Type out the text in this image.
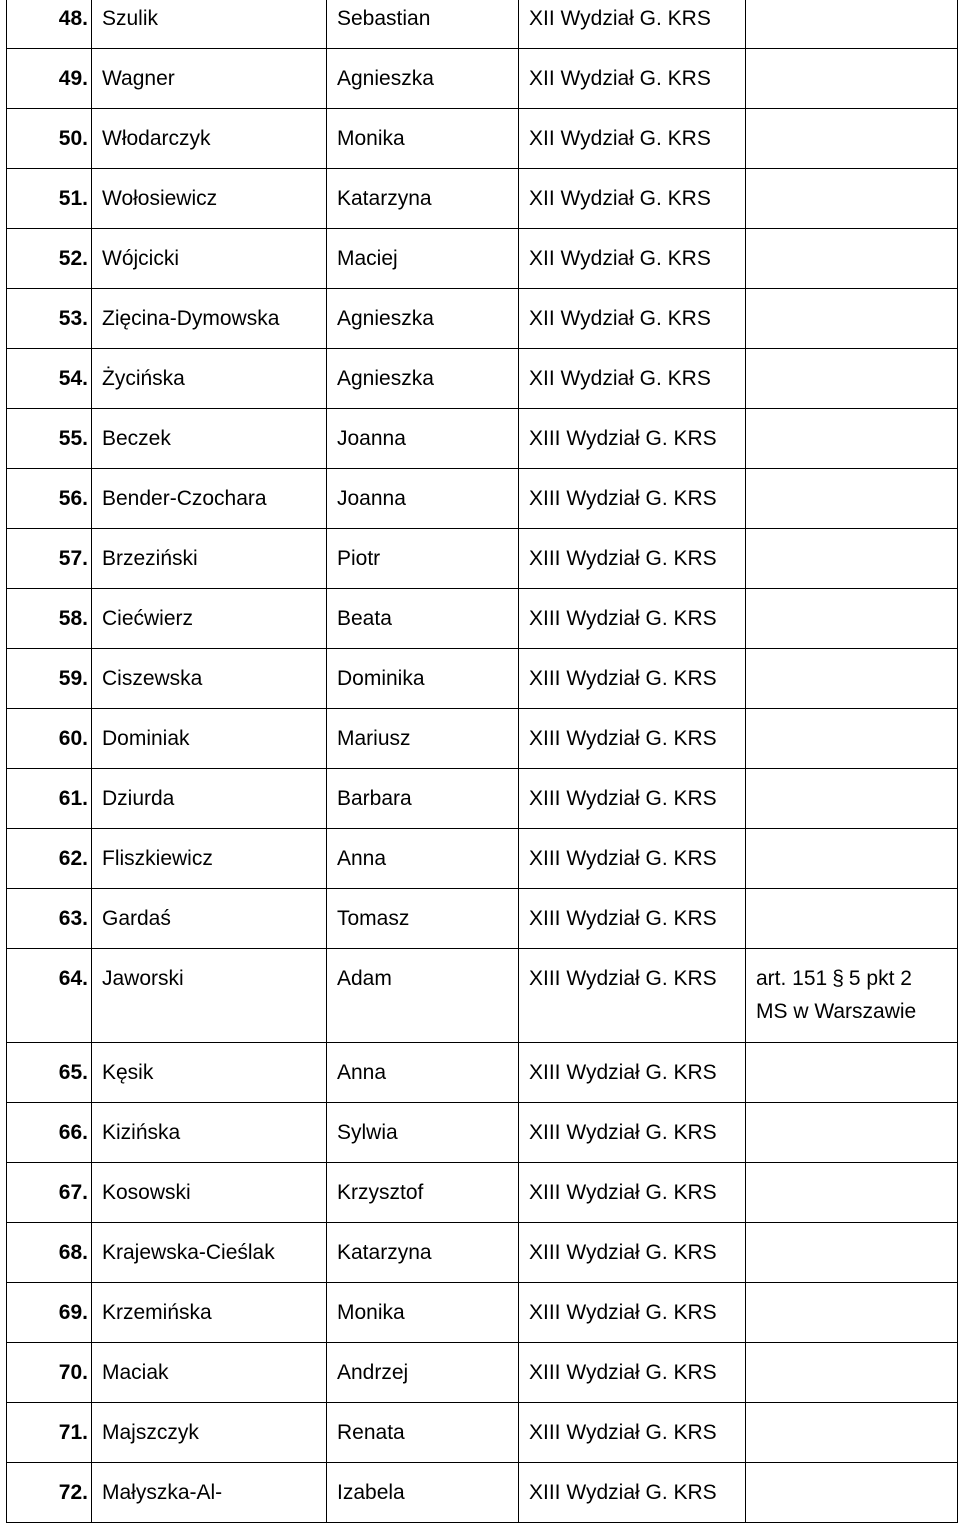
48.	Szulik	Sebastian	XII Wydział G. KRS	

49.	Wagner	Agnieszka	XII Wydział G. KRS	

50.	Włodarczyk	Monika	XII Wydział G. KRS	

51.	Wołosiewicz	Katarzyna	XII Wydział G. KRS	

52.	Wójcicki	Maciej	XII Wydział G. KRS	

53.	Zięcina-Dymowska	Agnieszka	XII Wydział G. KRS	

54.	Życińska	Agnieszka	XII Wydział G. KRS	

55.	Beczek	Joanna	XIII Wydział G. KRS	

56.	Bender-Czochara	Joanna	XIII Wydział G. KRS	

57.	Brzeziński	Piotr	XIII Wydział G. KRS	

58.	Ciećwierz	Beata	XIII Wydział G. KRS	

59.	Ciszewska	Dominika	XIII Wydział G. KRS	

60.	Dominiak	Mariusz	XIII Wydział G. KRS	

61.	Dziurda	Barbara	XIII Wydział G. KRS	

62.	Fliszkiewicz	Anna	XIII Wydział G. KRS	

63.	Gardaś	Tomasz	XIII Wydział G. KRS	

64.	Jaworski	Adam	XIII Wydział G. KRS	art. 151 § 5 pkt 2
MS w Warszawie

65.	Kęsik	Anna	XIII Wydział G. KRS	

66.	Kizińska	Sylwia	XIII Wydział G. KRS	

67.	Kosowski	Krzysztof	XIII Wydział G. KRS	

68.	Krajewska-Cieślak	Katarzyna	XIII Wydział G. KRS	

69.	Krzemińska	Monika	XIII Wydział G. KRS	

70.	Maciak	Andrzej	XIII Wydział G. KRS	

71.	Majszczyk	Renata	XIII Wydział G. KRS	

72.	Małyszka-Al-	Izabela	XIII Wydział G. KRS	
